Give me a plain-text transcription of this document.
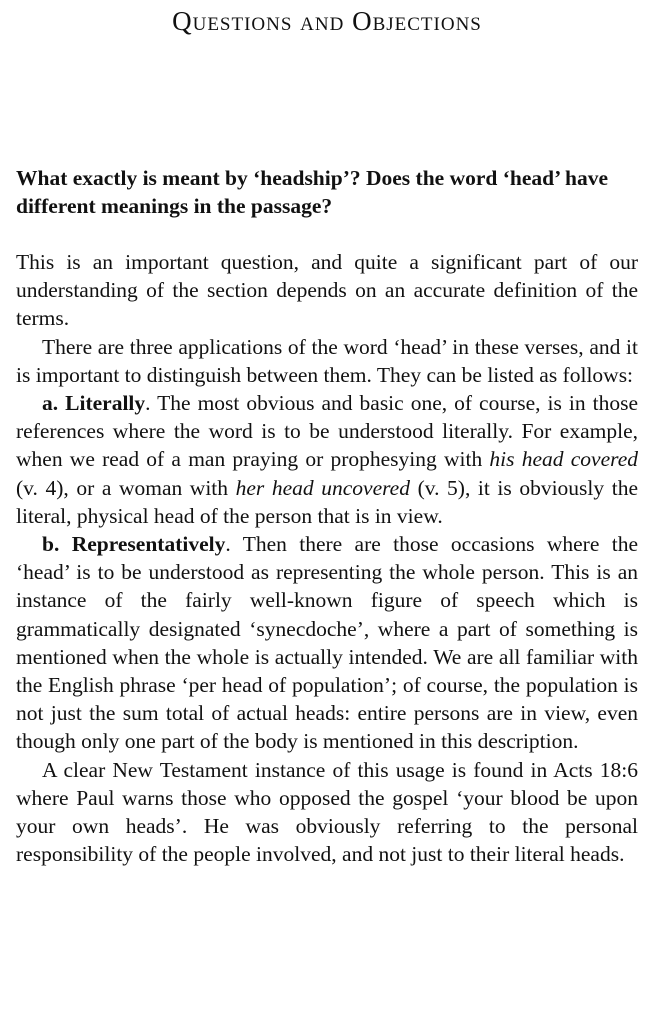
Questions and Objections
What exactly is meant by ‘headship’? Does the word ‘head’ have different meanings in the passage?

This is an important question, and quite a significant part of our understanding of the section depends on an accurate definition of the terms.

There are three applications of the word ‘head’ in these verses, and it is important to distinguish between them. They can be listed as follows:

a. Literally. The most obvious and basic one, of course, is in those references where the word is to be understood literally. For example, when we read of a man praying or prophesying with his head covered (v. 4), or a woman with her head uncovered (v. 5), it is obviously the literal, physical head of the person that is in view.

b. Representatively. Then there are those occasions where the ‘head’ is to be understood as representing the whole person. This is an instance of the fairly well-known figure of speech which is grammatically designated ‘synecdoche’, where a part of something is mentioned when the whole is actually intended. We are all familiar with the English phrase ‘per head of population’; of course, the population is not just the sum total of actual heads: entire persons are in view, even though only one part of the body is mentioned in this description.

A clear New Testament instance of this usage is found in Acts 18:6 where Paul warns those who opposed the gospel ‘your blood be upon your own heads’. He was obviously referring to the personal responsibility of the people involved, and not just to their literal heads.
